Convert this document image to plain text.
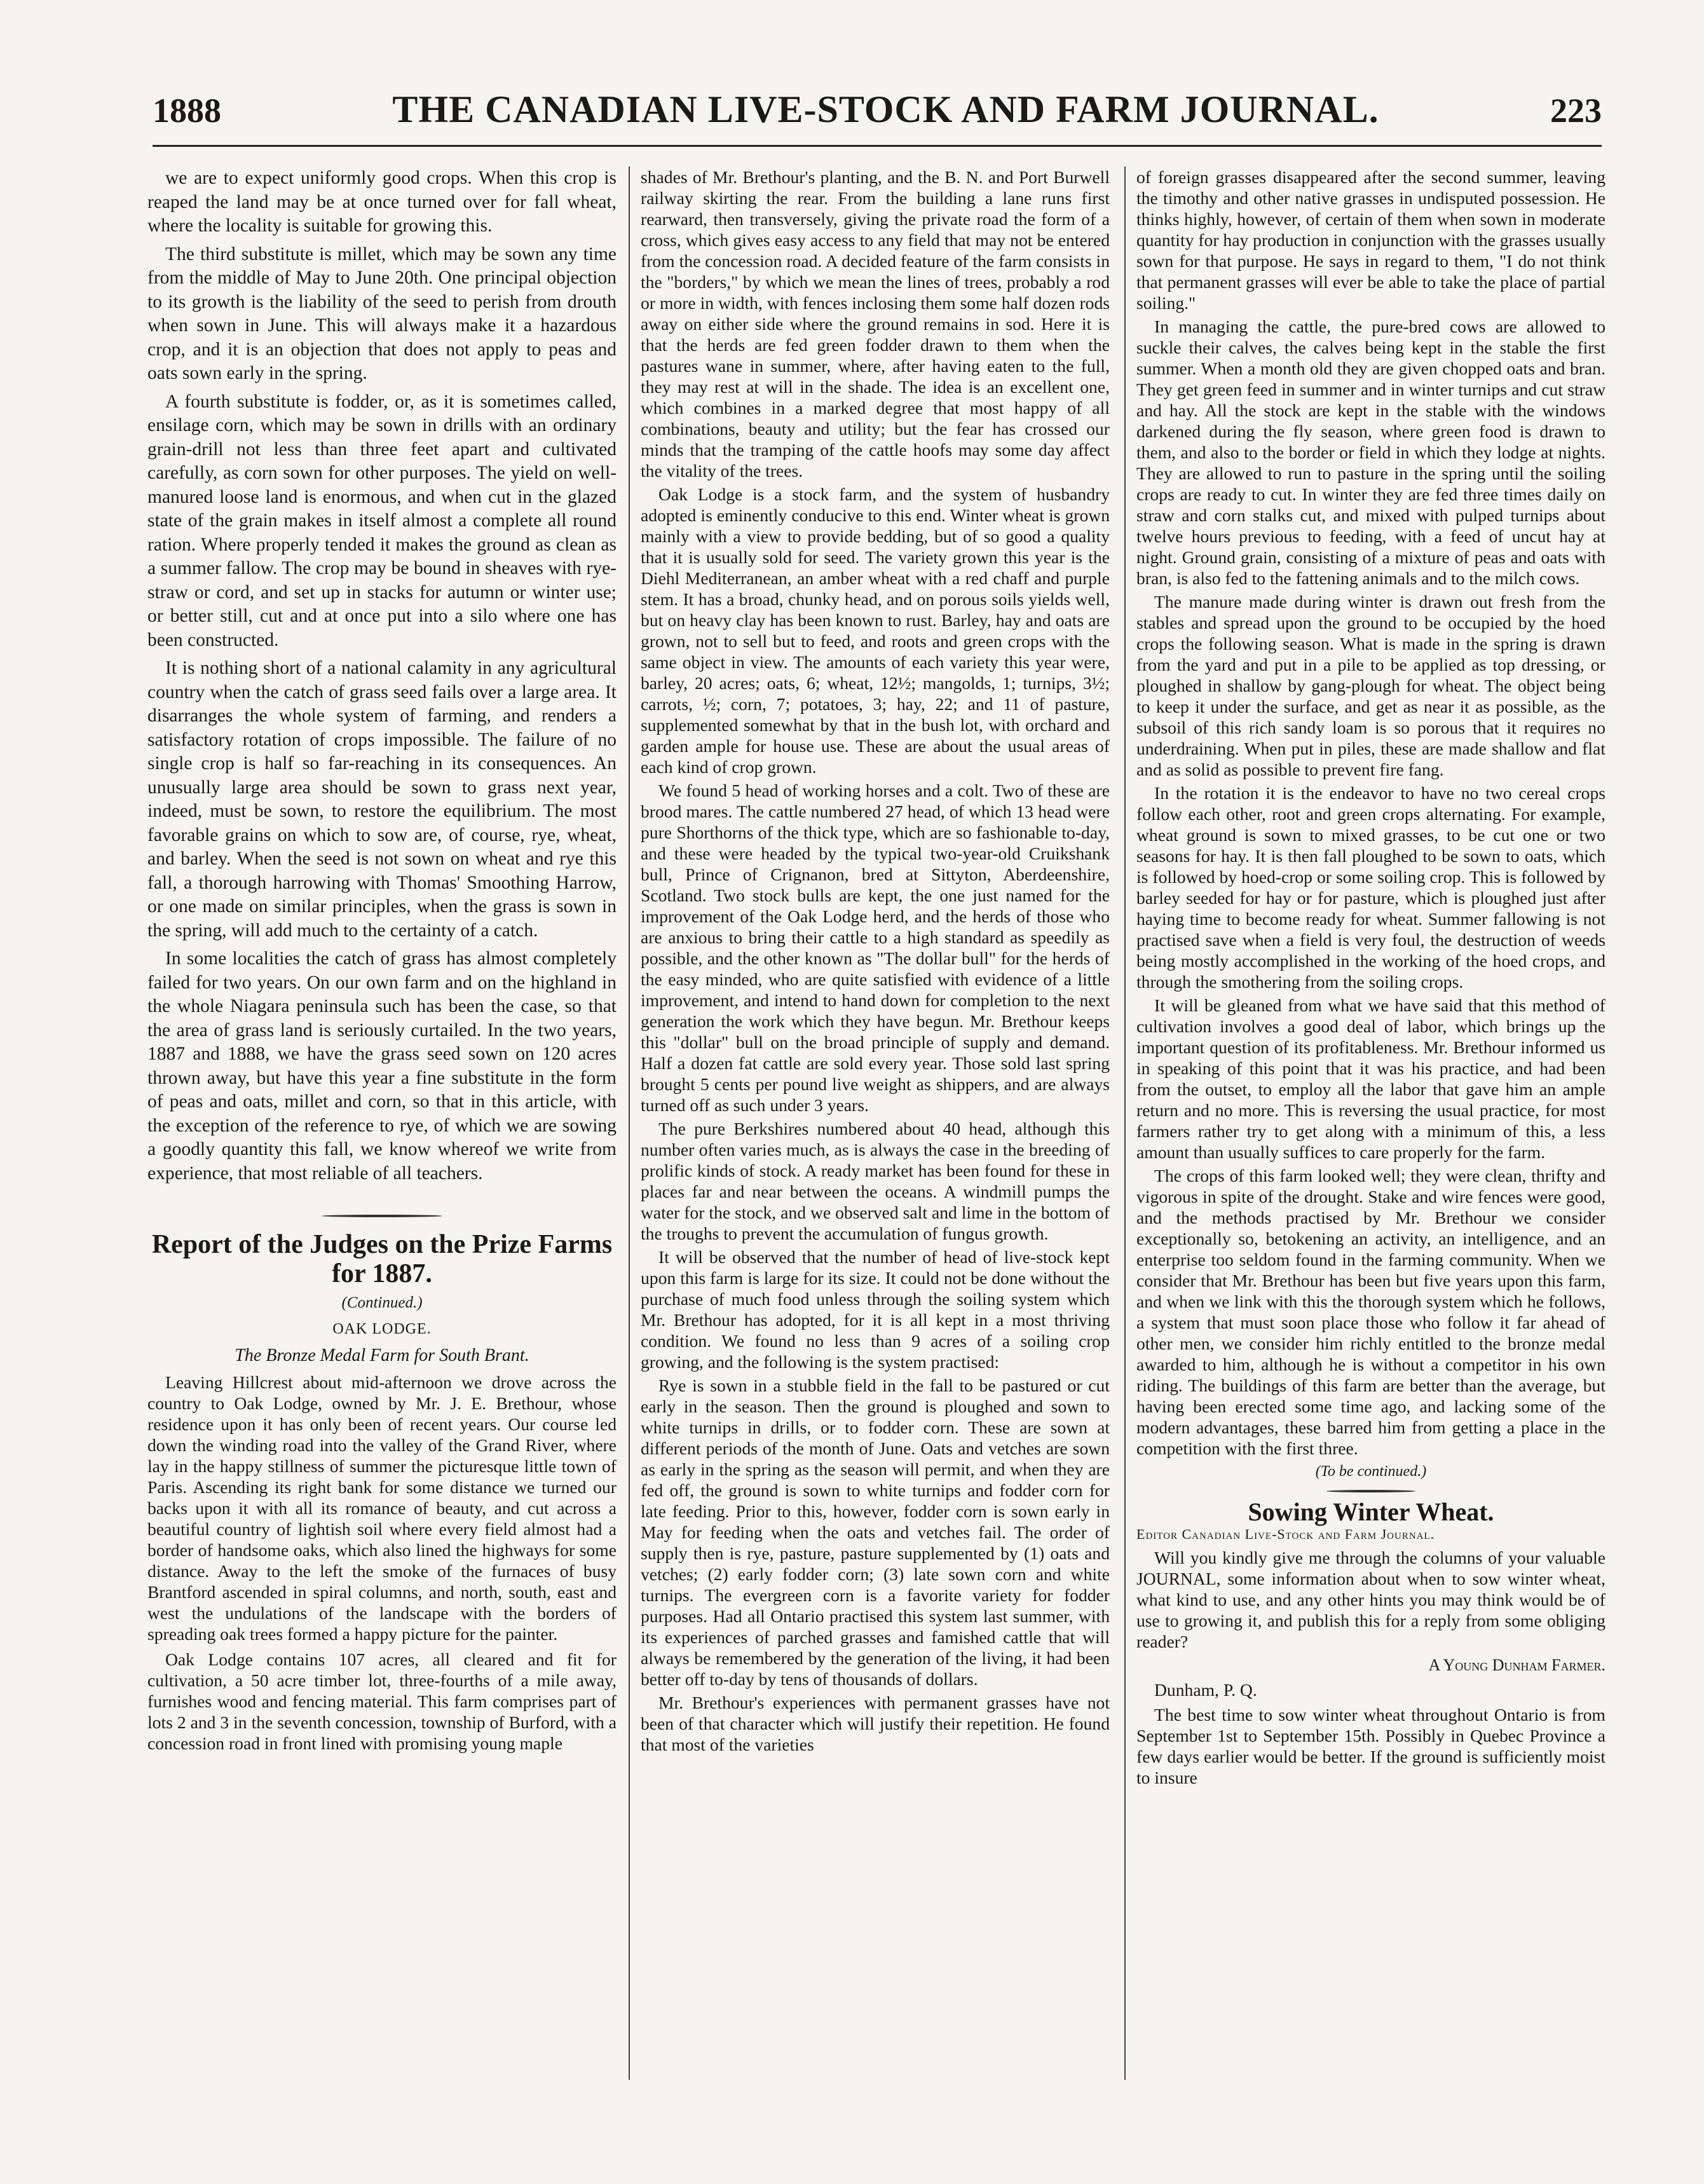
1888	THE CANADIAN LIVE-STOCK AND FARM JOURNAL.	223

we are to expect uniformly good crops. When this crop is reaped the land may be at once turned over for fall wheat, where the locality is suitable for growing this.

The third substitute is millet, which may be sown any time from the middle of May to June 20th. One principal objection to its growth is the liability of the seed to perish from drouth when sown in June. This will always make it a hazardous crop, and it is an objection that does not apply to peas and oats sown early in the spring.

A fourth substitute is fodder, or, as it is sometimes called, ensilage corn, which may be sown in drills with an ordinary grain-drill not less than three feet apart and cultivated carefully, as corn sown for other purposes. The yield on well-manured loose land is enormous, and when cut in the glazed state of the grain makes in itself almost a complete all round ration. Where properly tended it makes the ground as clean as a summer fallow. The crop may be bound in sheaves with rye-straw or cord, and set up in stacks for autumn or winter use; or better still, cut and at once put into a silo where one has been constructed.

It is nothing short of a national calamity in any agricultural country when the catch of grass seed fails over a large area. It disarranges the whole system of farming, and renders a satisfactory rotation of crops impossible. The failure of no single crop is half so far-reaching in its consequences. An unusually large area should be sown to grass next year, indeed, must be sown, to restore the equilibrium. The most favorable grains on which to sow are, of course, rye, wheat, and barley. When the seed is not sown on wheat and rye this fall, a thorough harrowing with Thomas' Smoothing Harrow, or one made on similar principles, when the grass is sown in the spring, will add much to the certainty of a catch.

In some localities the catch of grass has almost completely failed for two years. On our own farm and on the highland in the whole Niagara peninsula such has been the case, so that the area of grass land is seriously curtailed. In the two years, 1887 and 1888, we have the grass seed sown on 120 acres thrown away, but have this year a fine substitute in the form of peas and oats, millet and corn, so that in this article, with the exception of the reference to rye, of which we are sowing a goodly quantity this fall, we know whereof we write from experience, that most reliable of all teachers.

Report of the Judges on the Prize Farms for 1887.
(Continued.)
OAK LODGE.
The Bronze Medal Farm for South Brant.

Leaving Hillcrest about mid-afternoon we drove across the country to Oak Lodge, owned by Mr. J. E. Brethour, whose residence upon it has only been of recent years. Our course led down the winding road into the valley of the Grand River, where lay in the happy stillness of summer the picturesque little town of Paris. Ascending its right bank for some distance we turned our backs upon it with all its romance of beauty, and cut across a beautiful country of lightish soil where every field almost had a border of handsome oaks, which also lined the highways for some distance. Away to the left the smoke of the furnaces of busy Brantford ascended in spiral columns, and north, south, east and west the undulations of the landscape with the borders of spreading oak trees formed a happy picture for the painter.

Oak Lodge contains 107 acres, all cleared and fit for cultivation, a 50 acre timber lot, three-fourths of a mile away, furnishes wood and fencing material. This farm comprises part of lots 2 and 3 in the seventh concession, township of Burford, with a concession road in front lined with promising young maple

shades of Mr. Brethour's planting, and the B. N. and Port Burwell railway skirting the rear. From the building a lane runs first rearward, then transversely, giving the private road the form of a cross, which gives easy access to any field that may not be entered from the concession road. A decided feature of the farm consists in the "borders," by which we mean the lines of trees, probably a rod or more in width, with fences inclosing them some half dozen rods away on either side where the ground remains in sod. Here it is that the herds are fed green fodder drawn to them when the pastures wane in summer, where, after having eaten to the full, they may rest at will in the shade. The idea is an excellent one, which combines in a marked degree that most happy of all combinations, beauty and utility; but the fear has crossed our minds that the tramping of the cattle hoofs may some day affect the vitality of the trees.

Oak Lodge is a stock farm, and the system of husbandry adopted is eminently conducive to this end. Winter wheat is grown mainly with a view to provide bedding, but of so good a quality that it is usually sold for seed. The variety grown this year is the Diehl Mediterranean, an amber wheat with a red chaff and purple stem. It has a broad, chunky head, and on porous soils yields well, but on heavy clay has been known to rust. Barley, hay and oats are grown, not to sell but to feed, and roots and green crops with the same object in view. The amounts of each variety this year were, barley, 20 acres; oats, 6; wheat, 12½; mangolds, 1; turnips, 3½; carrots, ½; corn, 7; potatoes, 3; hay, 22; and 11 of pasture, supplemented somewhat by that in the bush lot, with orchard and garden ample for house use. These are about the usual areas of each kind of crop grown.

We found 5 head of working horses and a colt. Two of these are brood mares. The cattle numbered 27 head, of which 13 head were pure Shorthorns of the thick type, which are so fashionable to-day, and these were headed by the typical two-year-old Cruikshank bull, Prince of Crignanon, bred at Sittyton, Aberdeenshire, Scotland. Two stock bulls are kept, the one just named for the improvement of the Oak Lodge herd, and the herds of those who are anxious to bring their cattle to a high standard as speedily as possible, and the other known as "The dollar bull" for the herds of the easy minded, who are quite satisfied with evidence of a little improvement, and intend to hand down for completion to the next generation the work which they have begun. Mr. Brethour keeps this "dollar" bull on the broad principle of supply and demand. Half a dozen fat cattle are sold every year. Those sold last spring brought 5 cents per pound live weight as shippers, and are always turned off as such under 3 years.

The pure Berkshires numbered about 40 head, although this number often varies much, as is always the case in the breeding of prolific kinds of stock. A ready market has been found for these in places far and near between the oceans. A windmill pumps the water for the stock, and we observed salt and lime in the bottom of the troughs to prevent the accumulation of fungus growth.

It will be observed that the number of head of live-stock kept upon this farm is large for its size. It could not be done without the purchase of much food unless through the soiling system which Mr. Brethour has adopted, for it is all kept in a most thriving condition. We found no less than 9 acres of a soiling crop growing, and the following is the system practised:

Rye is sown in a stubble field in the fall to be pastured or cut early in the season. Then the ground is ploughed and sown to white turnips in drills, or to fodder corn. These are sown at different periods of the month of June. Oats and vetches are sown as early in the spring as the season will permit, and when they are fed off, the ground is sown to white turnips and fodder corn for late feeding. Prior to this, however, fodder corn is sown early in May for feeding when the oats and vetches fail. The order of supply then is rye, pasture, pasture supplemented by (1) oats and vetches; (2) early fodder corn; (3) late sown corn and white turnips. The evergreen corn is a favorite variety for fodder purposes. Had all Ontario practised this system last summer, with its experiences of parched grasses and famished cattle that will always be remembered by the generation of the living, it had been better off to-day by tens of thousands of dollars.

Mr. Brethour's experiences with permanent grasses have not been of that character which will justify their repetition. He found that most of the varieties

of foreign grasses disappeared after the second summer, leaving the timothy and other native grasses in undisputed possession. He thinks highly, however, of certain of them when sown in moderate quantity for hay production in conjunction with the grasses usually sown for that purpose. He says in regard to them, "I do not think that permanent grasses will ever be able to take the place of partial soiling."

In managing the cattle, the pure-bred cows are allowed to suckle their calves, the calves being kept in the stable the first summer. When a month old they are given chopped oats and bran. They get green feed in summer and in winter turnips and cut straw and hay. All the stock are kept in the stable with the windows darkened during the fly season, where green food is drawn to them, and also to the border or field in which they lodge at nights. They are allowed to run to pasture in the spring until the soiling crops are ready to cut. In winter they are fed three times daily on straw and corn stalks cut, and mixed with pulped turnips about twelve hours previous to feeding, with a feed of uncut hay at night. Ground grain, consisting of a mixture of peas and oats with bran, is also fed to the fattening animals and to the milch cows.

The manure made during winter is drawn out fresh from the stables and spread upon the ground to be occupied by the hoed crops the following season. What is made in the spring is drawn from the yard and put in a pile to be applied as top dressing, or ploughed in shallow by gang-plough for wheat. The object being to keep it under the surface, and get as near it as possible, as the subsoil of this rich sandy loam is so porous that it requires no underdraining. When put in piles, these are made shallow and flat and as solid as possible to prevent fire fang.

In the rotation it is the endeavor to have no two cereal crops follow each other, root and green crops alternating. For example, wheat ground is sown to mixed grasses, to be cut one or two seasons for hay. It is then fall ploughed to be sown to oats, which is followed by hoed-crop or some soiling crop. This is followed by barley seeded for hay or for pasture, which is ploughed just after haying time to become ready for wheat. Summer fallowing is not practised save when a field is very foul, the destruction of weeds being mostly accomplished in the working of the hoed crops, and through the smothering from the soiling crops.

It will be gleaned from what we have said that this method of cultivation involves a good deal of labor, which brings up the important question of its profitableness. Mr. Brethour informed us in speaking of this point that it was his practice, and had been from the outset, to employ all the labor that gave him an ample return and no more. This is reversing the usual practice, for most farmers rather try to get along with a minimum of this, a less amount than usually suffices to care properly for the farm.

The crops of this farm looked well; they were clean, thrifty and vigorous in spite of the drought. Stake and wire fences were good, and the methods practised by Mr. Brethour we consider exceptionally so, betokening an activity, an intelligence, and an enterprise too seldom found in the farming community. When we consider that Mr. Brethour has been but five years upon this farm, and when we link with this the thorough system which he follows, a system that must soon place those who follow it far ahead of other men, we consider him richly entitled to the bronze medal awarded to him, although he is without a competitor in his own riding. The buildings of this farm are better than the average, but having been erected some time ago, and lacking some of the modern advantages, these barred him from getting a place in the competition with the first three.

(To be continued.)
Sowing Winter Wheat.
Editor Canadian Live-Stock and Farm Journal.

Will you kindly give me through the columns of your valuable JOURNAL, some information about when to sow winter wheat, what kind to use, and any other hints you may think would be of use to growing it, and publish this for a reply from some obliging reader?

A Young Dunham Farmer.
Dunham, P. Q.

The best time to sow winter wheat throughout Ontario is from September 1st to September 15th. Possibly in Quebec Province a few days earlier would be better. If the ground is sufficiently moist to insure
